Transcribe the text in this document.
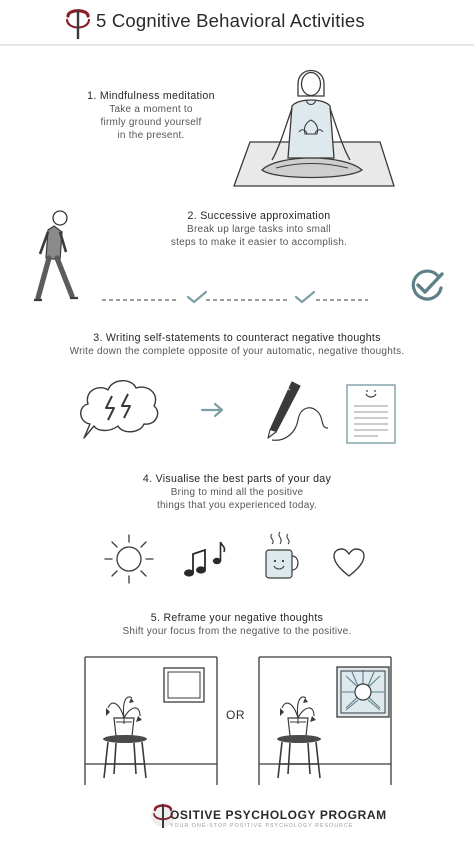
5 Cognitive Behavioral Activities
1. Mindfulness meditation
Take a moment to
firmly ground yourself
in the present.
2. Successive approximation
Break up large tasks into small
steps to make it easier to accomplish.
3. Writing self-statements to counteract negative thoughts
Write down the complete opposite of your automatic, negative thoughts.
4. Visualise the best parts of your day
Bring to mind all the positive
things that you experienced today.
5. Reframe your negative thoughts
Shift your focus from the negative to the positive.
OR
OSITIVE PSYCHOLOGY PROGRAM
YOUR ONE-STOP POSITIVE PSYCHOLOGY RESOURCE
